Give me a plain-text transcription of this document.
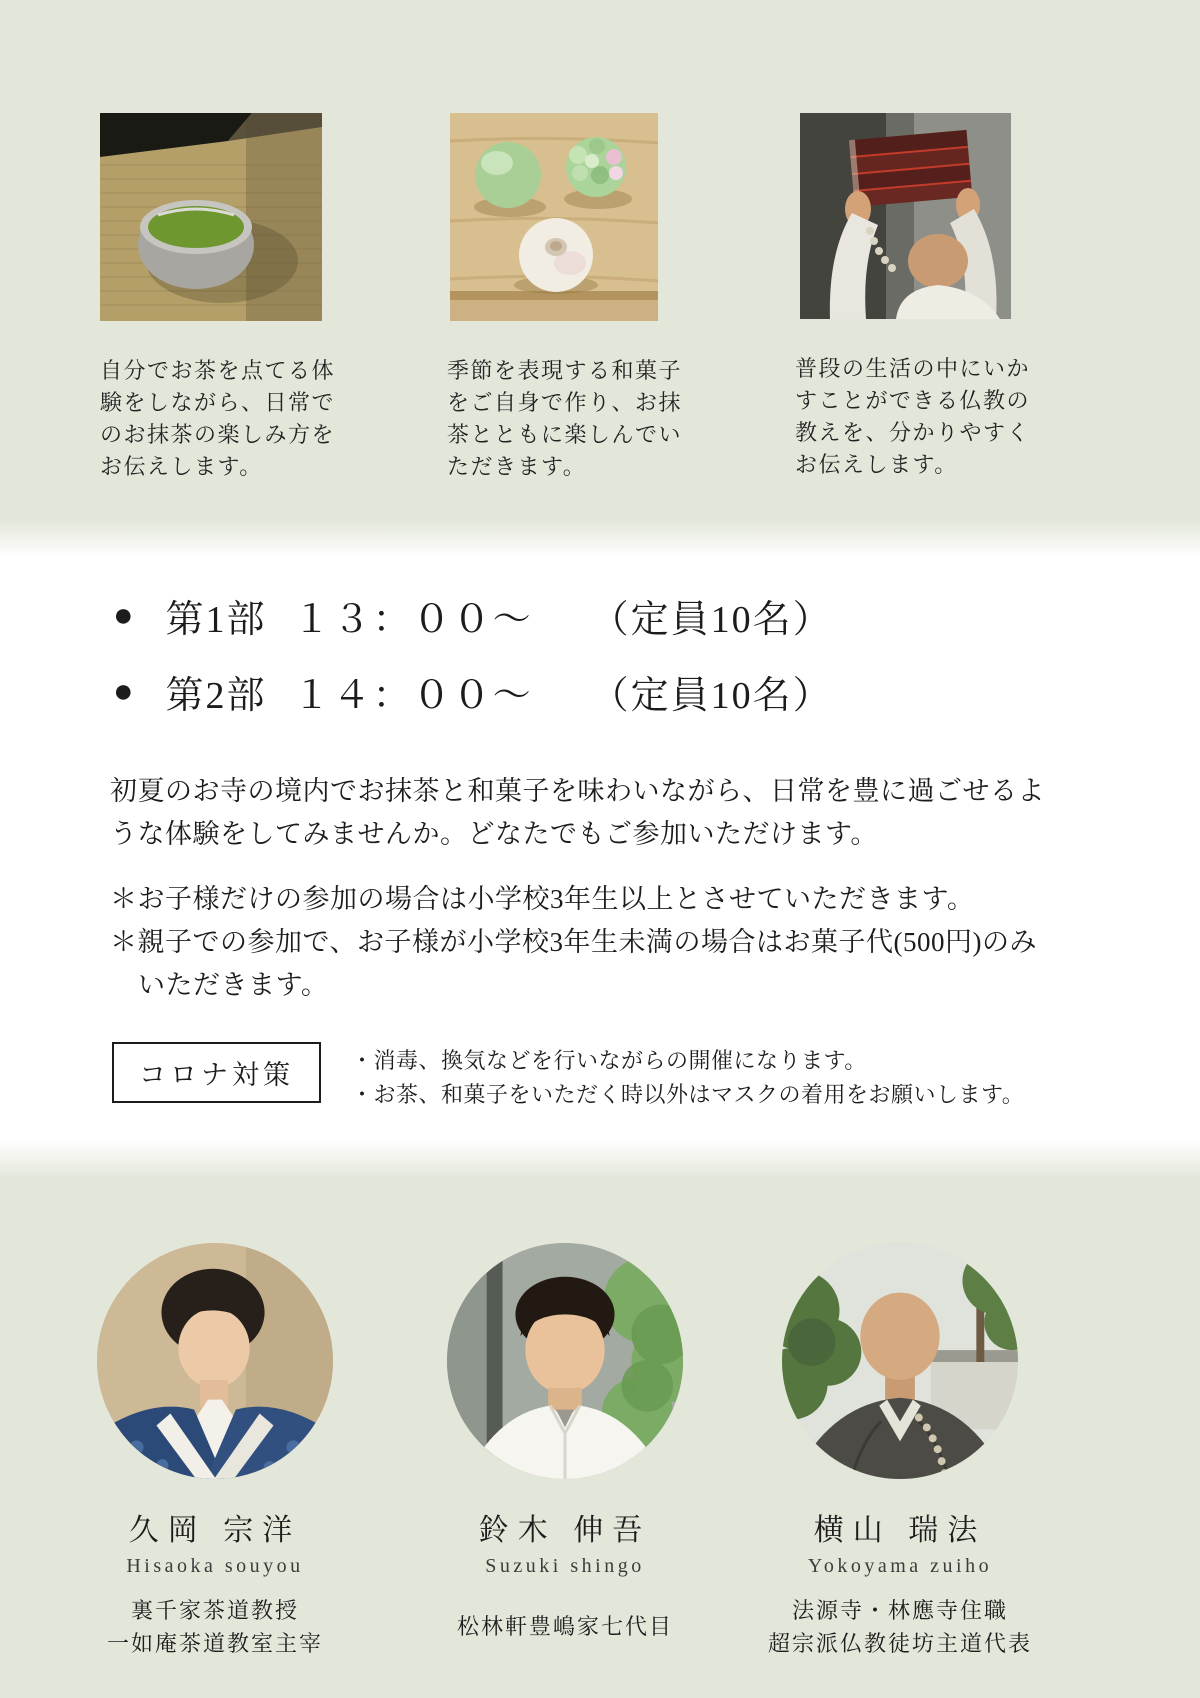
自分でお茶を点てる体験をしながら、日常でのお抹茶の楽しみ方をお伝えします。

季節を表現する和菓子をご自身で作り、お抹茶とともに楽しんでいただきます。

普段の生活の中にいかすことができる仏教の教えを、分かりやすくお伝えします。

● 第1部 １３：００～ （定員10名）
● 第2部 １４：００～ （定員10名）

初夏のお寺の境内でお抹茶と和菓子を味わいながら、日常を豊に過ごせるような体験をしてみませんか。どなたでもご参加いただけます。

＊お子様だけの参加の場合は小学校3年生以上とさせていただきます。

＊親子での参加で、お子様が小学校3年生未満の場合はお菓子代(500円)のみいただきます。

コロナ対策	・消毒、換気などを行いながらの開催になります。

・お茶、和菓子をいただく時以外はマスクの着用をお願いします。

久岡 宗洋
Hisaoka souyou
裏千家茶道教授
一如庵茶道教室主宰
鈴木 伸吾
Suzuki shingo
松林軒豊嶋家七代目
横山 瑞法
Yokoyama zuiho
法源寺・林應寺住職
超宗派仏教徒坊主道代表
